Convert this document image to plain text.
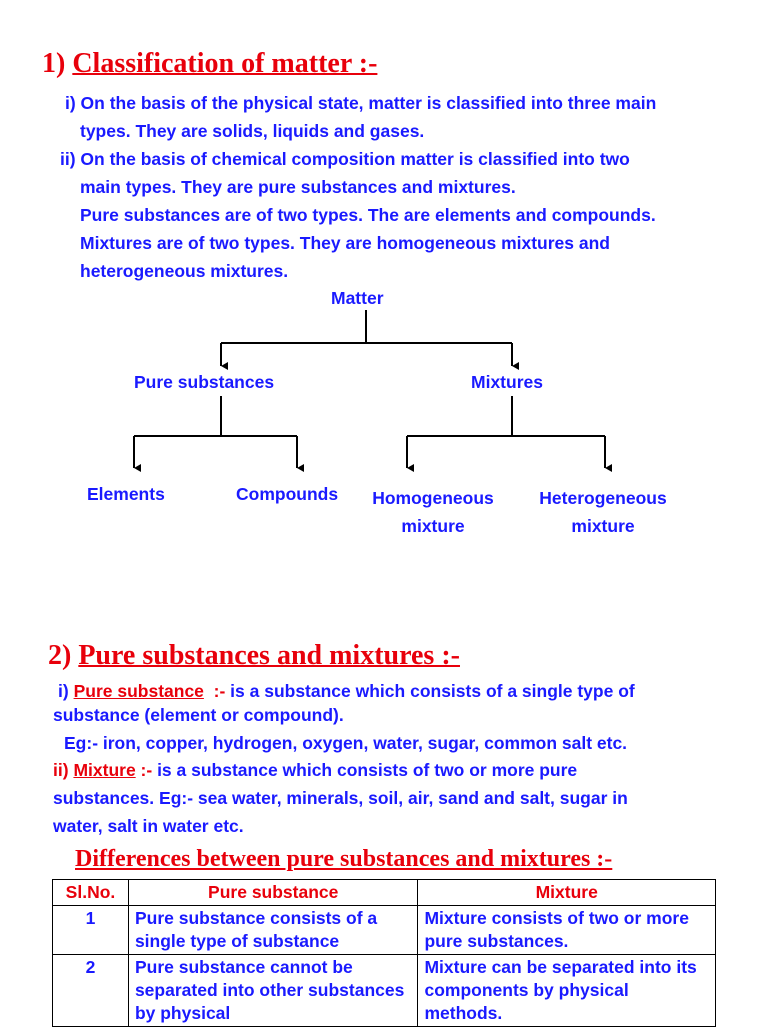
1) Classification of matter :-
i) On the basis of the physical state, matter is classified into three main
types. They are solids, liquids and gases.
ii) On the basis of chemical composition matter is classified into two
main types. They are pure substances and mixtures.
Pure substances are of two types. The are elements and compounds.
Mixtures are of two types. They are homogeneous mixtures and
heterogeneous mixtures.
Matter
Pure substances	Mixtures
Elements	Compounds	Homogeneous
mixture
Heterogeneous
mixture
2) Pure substances and mixtures :-
i) Pure substance :- is a substance which consists of a single type of
substance (element or compound).
Eg:- iron, copper, hydrogen, oxygen, water, sugar, common salt etc.
ii) Mixture :- is a substance which consists of two or more pure
substances. Eg:- sea water, minerals, soil, air, sand and salt, sugar in
water, salt in water etc.
Differences between pure substances and mixtures :-
Sl.No.	Pure substance	Mixture
1	Pure substance consists of a single type of substance	Mixture consists of two or more pure substances.
2	Pure substance cannot be separated into other substances by physical	Mixture can be separated into its components by physical methods.
